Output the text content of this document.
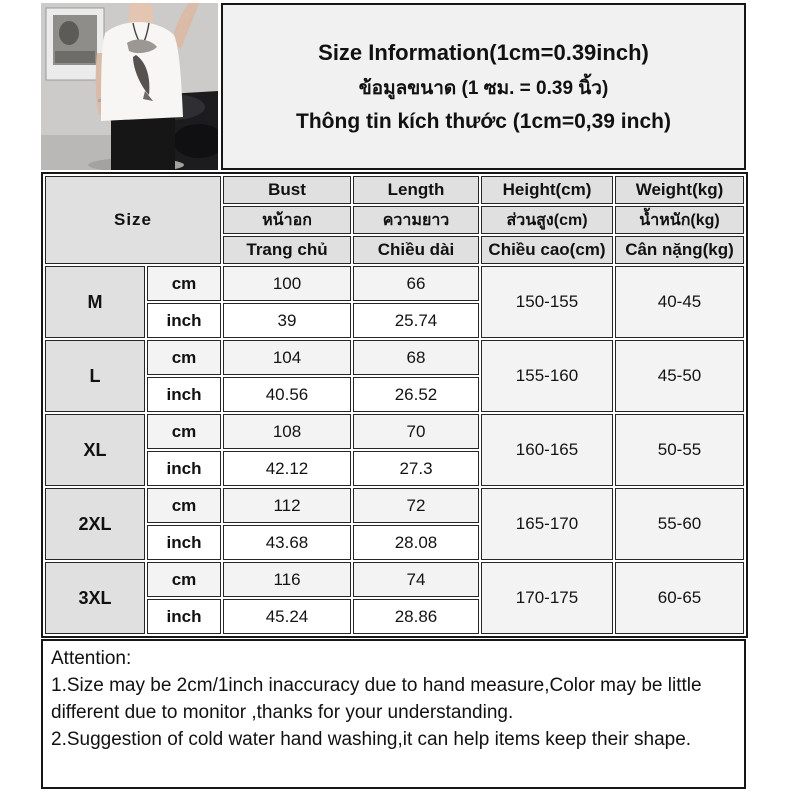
Size Information(1cm=0.39inch)
ข้อมูลขนาด (1 ซม. = 0.39 นิ้ว)
Thông tin kích thước (1cm=0,39 inch)
Size		Bust	Length	Height(cm)	Weight(kg)
		หน้าอก	ความยาว	ส่วนสูง(cm)	น้ำหนัก(kg)
		Trang chủ	Chiều dài	Chiều cao(cm)	Cân nặng(kg)
M	cm	100	66	150-155	40-45
	inch	39	25.74		
L	cm	104	68	155-160	45-50
	inch	40.56	26.52		
XL	cm	108	70	160-165	50-55
	inch	42.12	27.3		
2XL	cm	112	72	165-170	55-60
	inch	43.68	28.08		
3XL	cm	116	74	170-175	60-65
	inch	45.24	28.86		

Attention:

1.Size may be 2cm/1inch inaccuracy due to hand measure,Color may be little different due to monitor ,thanks for your understanding.

2.Suggestion of cold water hand washing,it can help items keep their shape.
